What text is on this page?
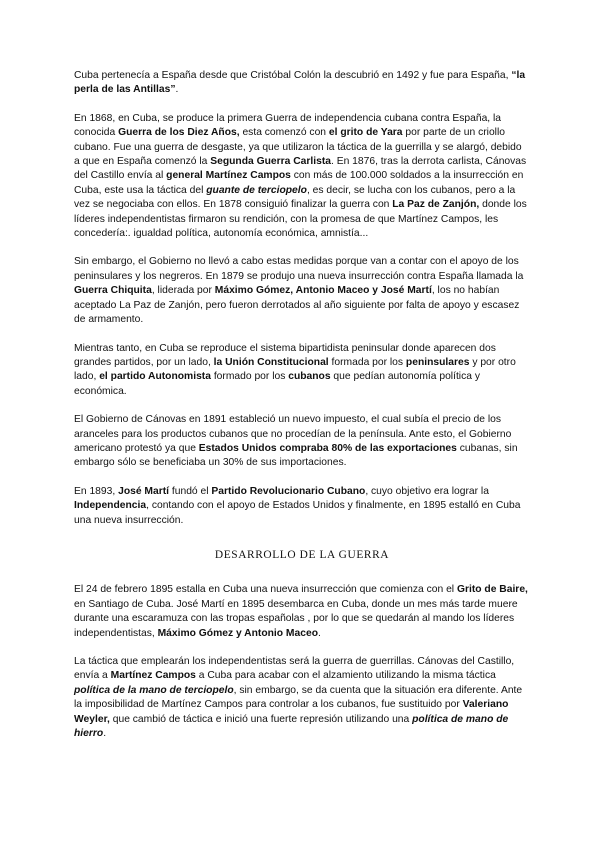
Cuba pertenecía a España desde que Cristóbal Colón la descubrió en 1492 y fue para España, “la perla de las Antillas”.

En 1868, en Cuba, se produce la primera Guerra de independencia cubana contra España, la conocida Guerra de los Diez Años, esta comenzó con el grito de Yara por parte de un criollo cubano. Fue una guerra de desgaste, ya que utilizaron la táctica de la guerrilla y se alargó, debido a que en España comenzó la Segunda Guerra Carlista. En 1876, tras la derrota carlista, Cánovas del Castillo envía al general Martínez Campos con más de 100.000 soldados a la insurrección en Cuba, este usa la táctica del guante de terciopelo, es decir, se lucha con los cubanos, pero a la vez se negociaba con ellos. En 1878 consiguió finalizar la guerra con La Paz de Zanjón, donde los líderes independentistas firmaron su rendición, con la promesa de que Martínez Campos, les concedería:. igualdad política, autonomía económica, amnistía...

Sin embargo, el Gobierno no llevó a cabo estas medidas porque van a contar con el apoyo de los peninsulares y los negreros. En 1879 se produjo una nueva insurrección contra España llamada la Guerra Chiquita, liderada por Máximo Gómez, Antonio Maceo y José Martí, los no habían aceptado La Paz de Zanjón, pero fueron derrotados al año siguiente por falta de apoyo y escasez de armamento.

Mientras tanto, en Cuba se reproduce el sistema bipartidista peninsular donde aparecen dos grandes partidos, por un lado, la Unión Constitucional formada por los peninsulares y por otro lado, el partido Autonomista formado por los cubanos que pedían autonomía política y económica.

El Gobierno de Cánovas en 1891 estableció un nuevo impuesto, el cual subía el precio de los aranceles para los productos cubanos que no procedían de la península. Ante esto, el Gobierno americano protestó ya que Estados Unidos compraba 80% de las exportaciones cubanas, sin embargo sólo se beneficiaba un 30% de sus importaciones.

En 1893, José Martí fundó el Partido Revolucionario Cubano, cuyo objetivo era lograr la Independencia, contando con el apoyo de Estados Unidos y finalmente, en 1895 estalló en Cuba una nueva insurrección.

DESARROLLO DE LA GUERRA

El 24 de febrero 1895 estalla en Cuba una nueva insurrección que comienza con el Grito de Baire, en Santiago de Cuba. José Martí en 1895 desembarca en Cuba, donde un mes más tarde muere durante una escaramuza con las tropas españolas , por lo que se quedarán al mando los líderes independentistas, Máximo Gómez y Antonio Maceo.

La táctica que emplearán los independentistas será la guerra de guerrillas. Cánovas del Castillo, envía a Martínez Campos a Cuba para acabar con el alzamiento utilizando la misma táctica política de la mano de terciopelo, sin embargo, se da cuenta que la situación era diferente. Ante la imposibilidad de Martínez Campos para controlar a los cubanos, fue sustituido por Valeriano Weyler, que cambió de táctica e inició una fuerte represión utilizando una política de mano de hierro.
